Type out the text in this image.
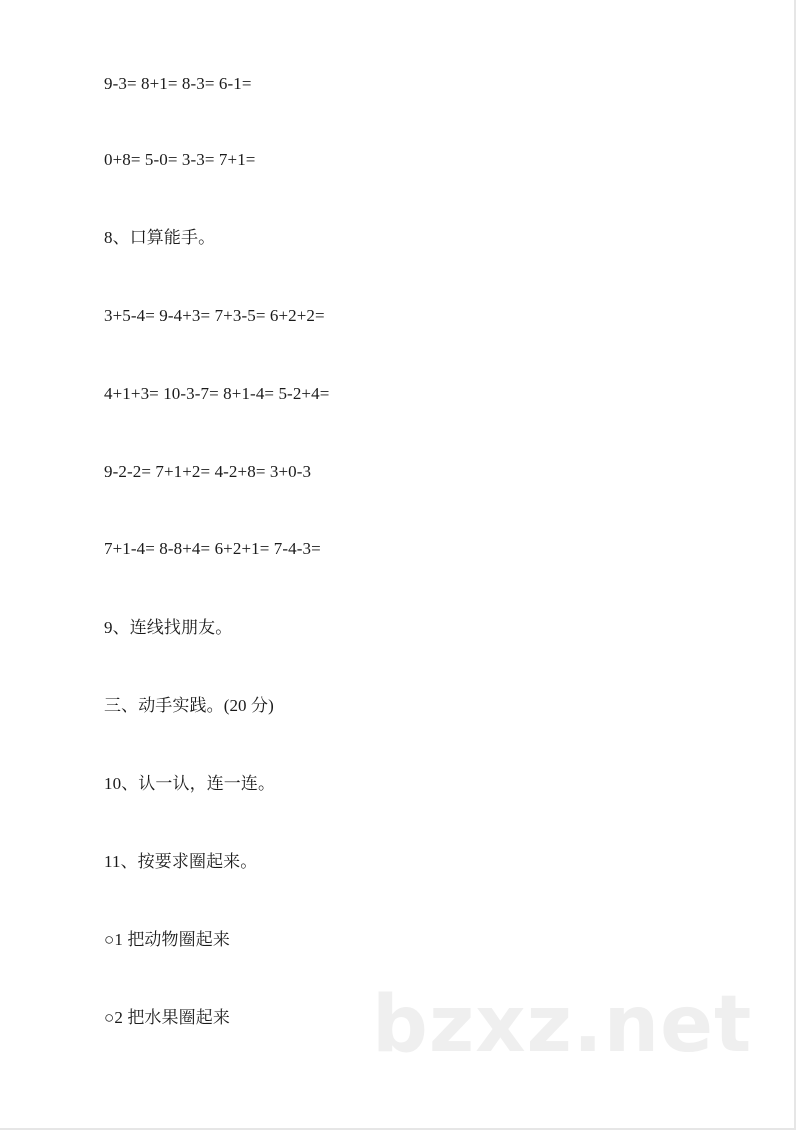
9-3= 8+1= 8-3= 6-1=
0+8= 5-0= 3-3= 7+1=
8、口算能手。
3+5-4= 9-4+3= 7+3-5= 6+2+2=
4+1+3= 10-3-7= 8+1-4= 5-2+4=
9-2-2= 7+1+2= 4-2+8= 3+0-3
7+1-4= 8-8+4= 6+2+1= 7-4-3=
9、连线找朋友。
三、动手实践。(20 分)
10、认一认，连一连。
11、按要求圈起来。
○1 把动物圈起来
○2 把水果圈起来 bzxz.net
